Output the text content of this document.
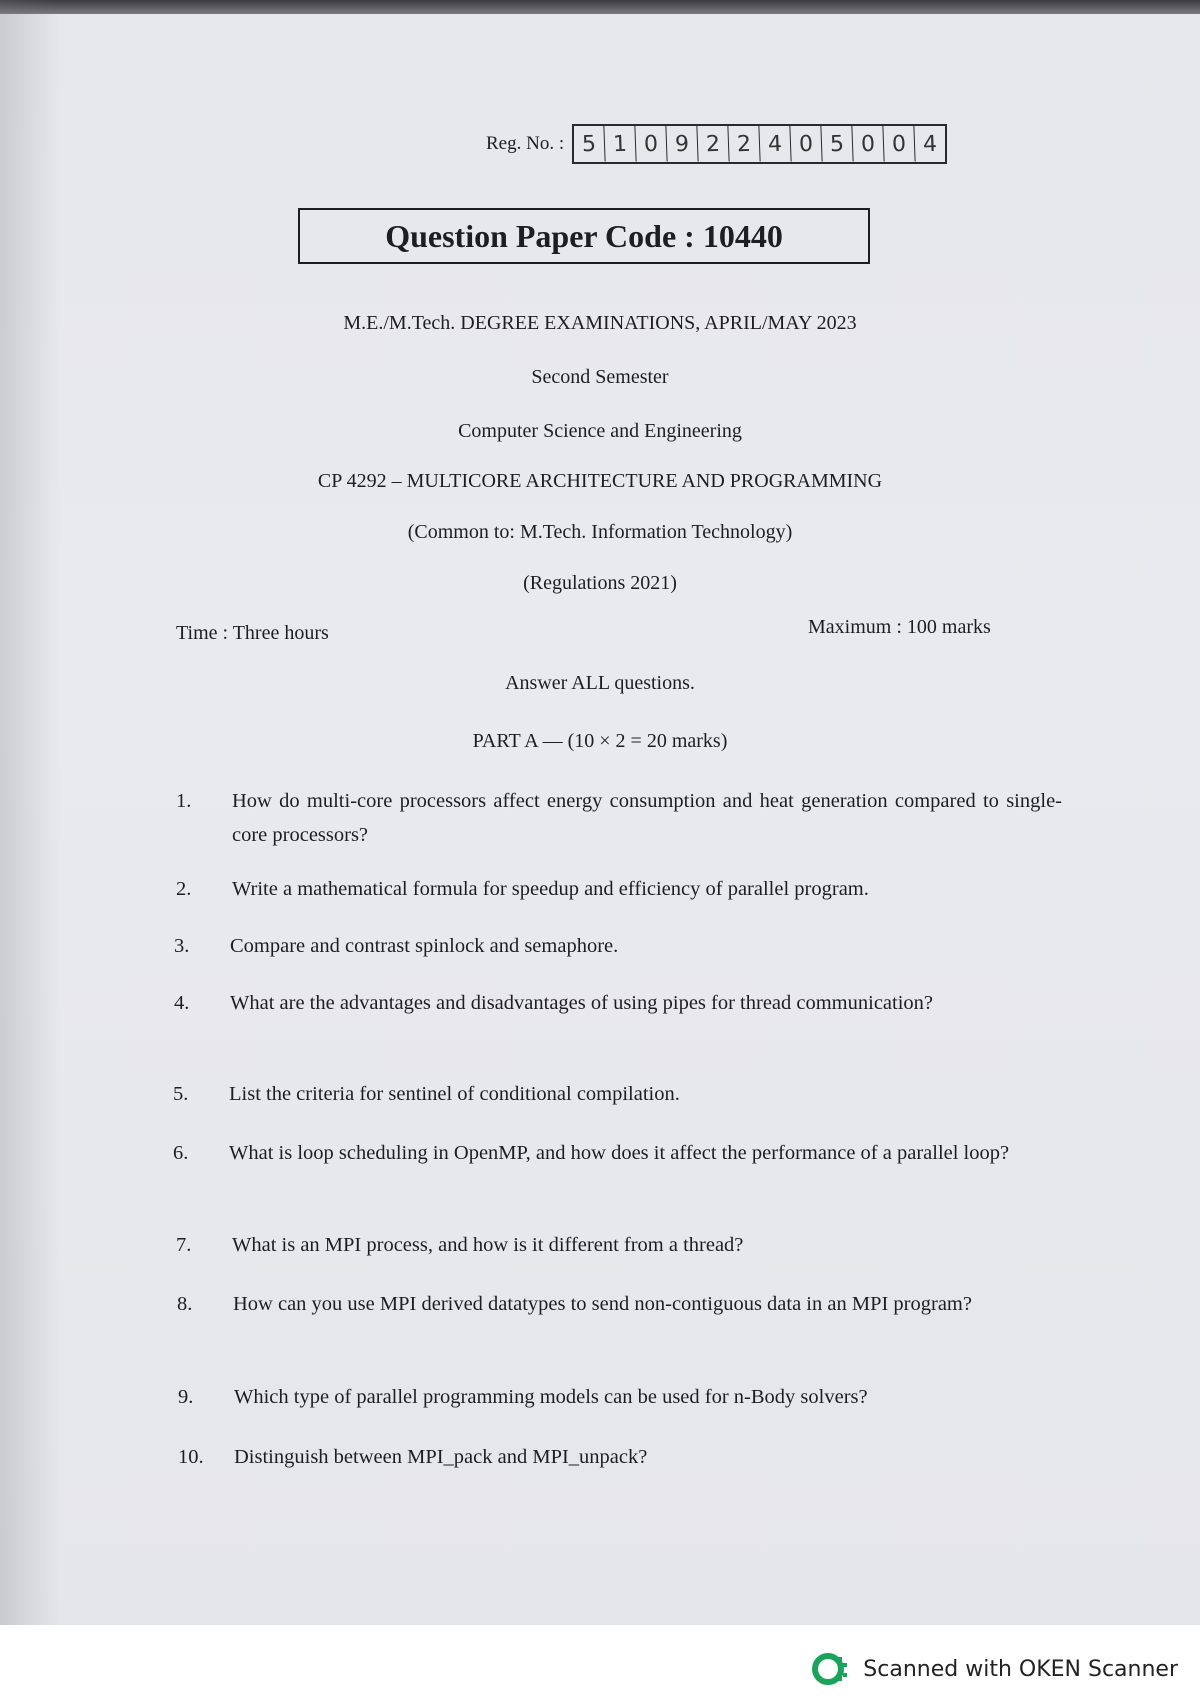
Reg. No. : 5 1 0 9 2 2 4 0 5 0 0 4
Question Paper Code : 10440
M.E./M.Tech. DEGREE EXAMINATIONS, APRIL/MAY 2023
Second Semester
Computer Science and Engineering
CP 4292 – MULTICORE ARCHITECTURE AND PROGRAMMING
(Common to: M.Tech. Information Technology)
(Regulations 2021)
Time : Three hours	Maximum : 100 marks
Answer ALL questions.
PART A — (10 × 2 = 20 marks)
1.	How do multi-core processors affect energy consumption and heat generation compared to single-core processors?
2.	Write a mathematical formula for speedup and efficiency of parallel program.
3.	Compare and contrast spinlock and semaphore.
4.	What are the advantages and disadvantages of using pipes for thread communication?
5.	List the criteria for sentinel of conditional compilation.
6.	What is loop scheduling in OpenMP, and how does it affect the performance of a parallel loop?
7.	What is an MPI process, and how is it different from a thread?
8.	How can you use MPI derived datatypes to send non-contiguous data in an MPI program?
9.	Which type of parallel programming models can be used for n-Body solvers?
10.	Distinguish between MPI_pack and MPI_unpack?
Scanned with OKEN Scanner
